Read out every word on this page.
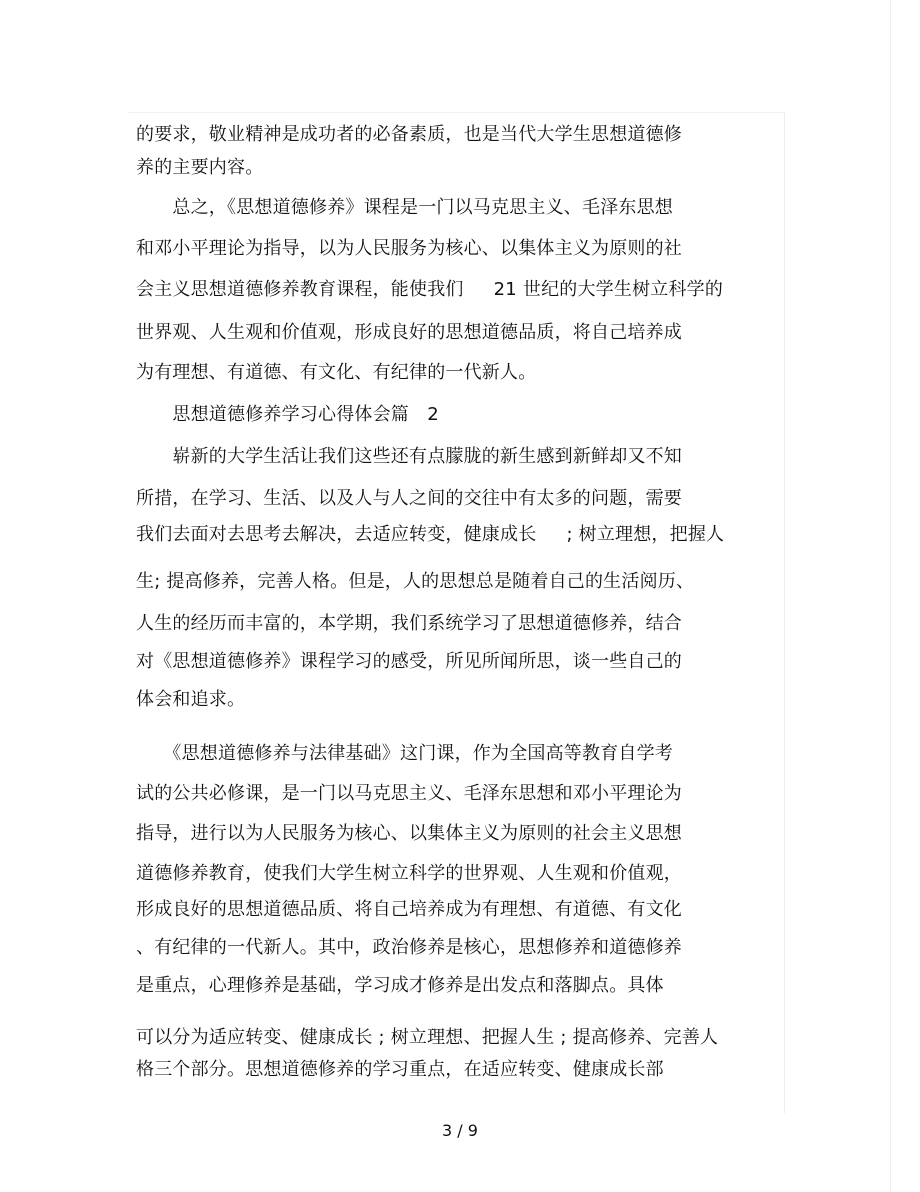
的要求，敬业精神是成功者的必备素质，也是当代大学生思想道德修
养的主要内容。
　　总之，《思想道德修养》课程是一门以马克思主义、毛泽东思想
和邓小平理论为指导，以为人民服务为核心、以集体主义为原则的社
会主义思想道德修养教育课程，能使我们　  21 世纪的大学生树立科学的
世界观、人生观和价值观，形成良好的思想道德品质，将自己培养成
为有理想、有道德、有文化、有纪律的一代新人。
　　思想道德修养学习心得体会篇　2
　　崭新的大学生活让我们这些还有点朦胧的新生感到新鲜却又不知
所措，在学习、生活、以及人与人之间的交往中有太多的问题，需要
我们去面对去思考去解决，去适应转变，健康成长　  ; 树立理想，把握人
生; 提高修养，完善人格。但是，人的思想总是随着自己的生活阅历、
人生的经历而丰富的，本学期，我们系统学习了思想道德修养，结合
对《思想道德修养》课程学习的感受，所见所闻所思，谈一些自己的
体会和追求。
　　《思想道德修养与法律基础》这门课，作为全国高等教育自学考
试的公共必修课，是一门以马克思主义、毛泽东思想和邓小平理论为
指导，进行以为人民服务为核心、以集体主义为原则的社会主义思想
道德修养教育，使我们大学生树立科学的世界观、人生观和价值观，
形成良好的思想道德品质、将自己培养成为有理想、有道德、有文化
、有纪律的一代新人。其中，政治修养是核心，思想修养和道德修养
是重点，心理修养是基础，学习成才修养是出发点和落脚点。具体
可以分为适应转变、健康成长 ; 树立理想、把握人生 ; 提高修养、完善人
格三个部分。思想道德修养的学习重点，在适应转变、健康成长部
3 / 9
